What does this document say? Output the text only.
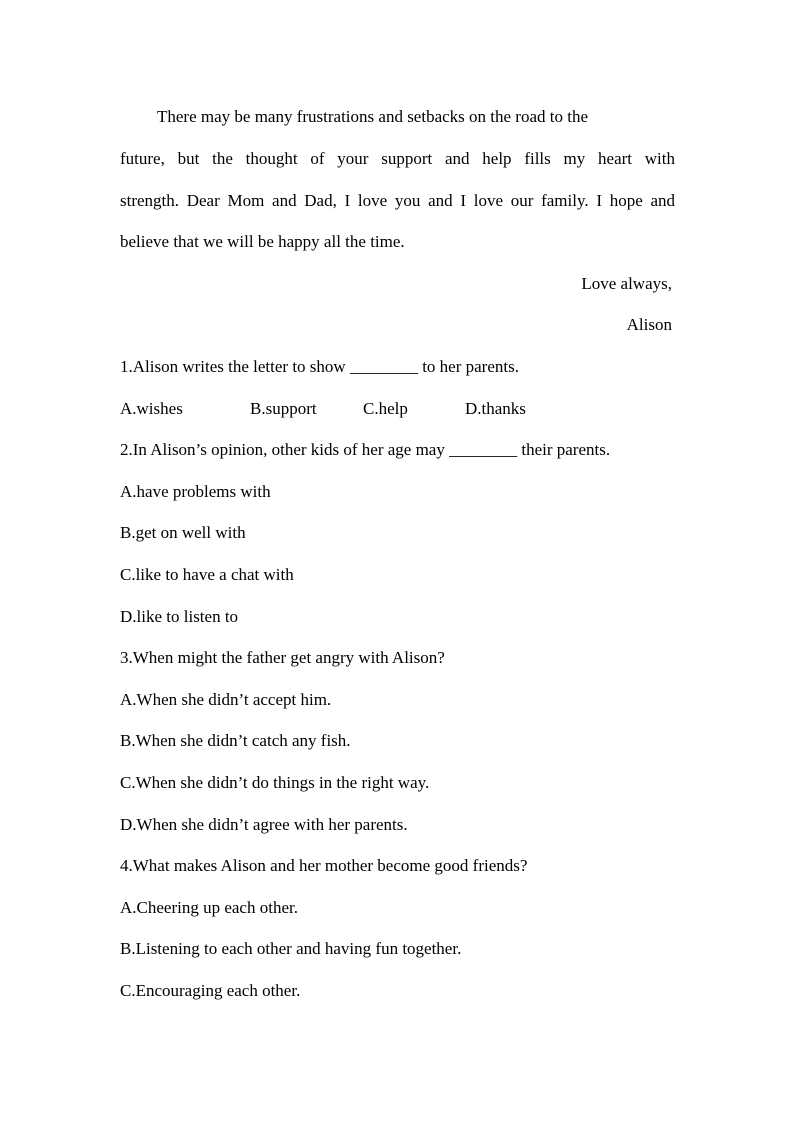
There may be many frustrations and setbacks on the road to the
future, but the thought of your support and help fills my heart with
strength. Dear Mom and Dad, I love you and I love our family. I hope and
believe that we will be happy all the time.
Love always,
Alison
1.Alison writes the letter to show ________ to her parents.
A.wishes	B.support	C.help	D.thanks
2.In Alison’s opinion, other kids of her age may ________ their parents.
A.have problems with
B.get on well with
C.like to have a chat with
D.like to listen to
3.When might the father get angry with Alison?
A.When she didn’t accept him.
B.When she didn’t catch any fish.
C.When she didn’t do things in the right way.
D.When she didn’t agree with her parents.
4.What makes Alison and her mother become good friends?
A.Cheering up each other.
B.Listening to each other and having fun together.
C.Encouraging each other.
